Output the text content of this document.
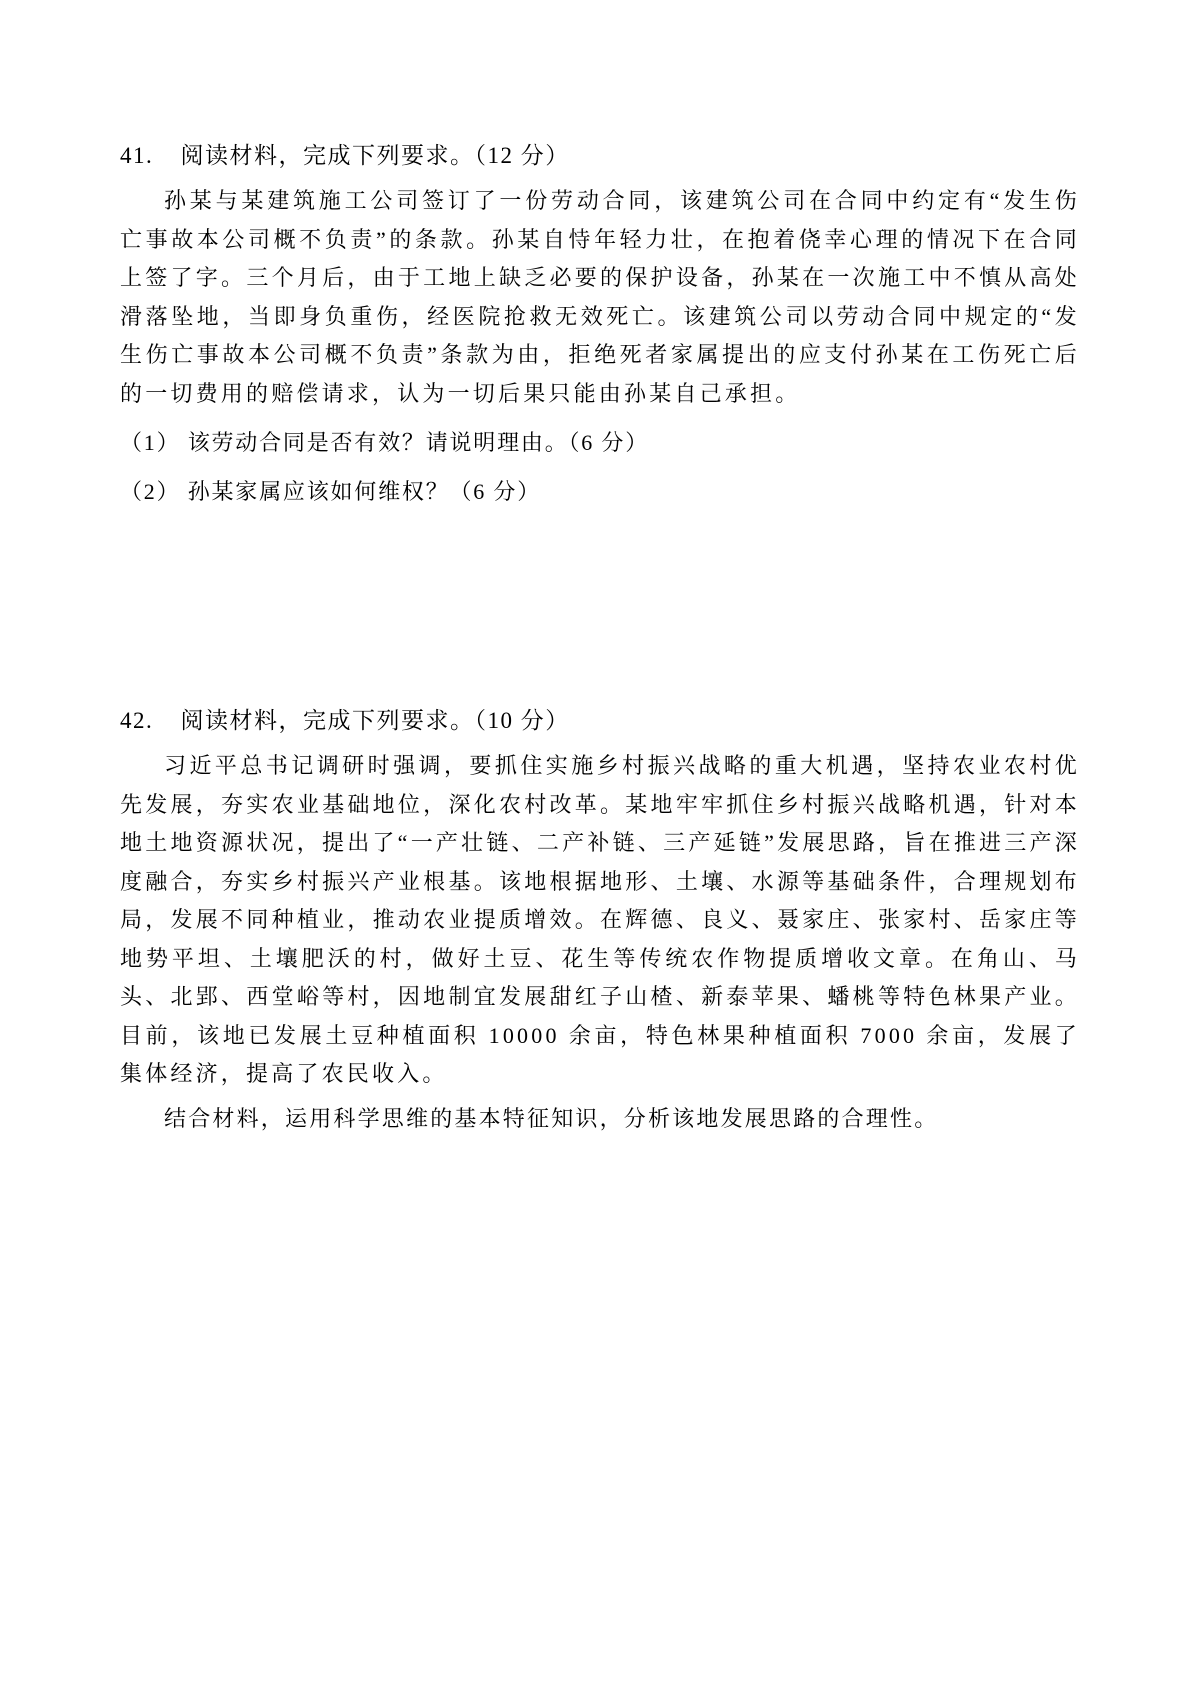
41. 阅读材料，完成下列要求。（12 分）

孙某与某建筑施工公司签订了一份劳动合同，该建筑公司在合同中约定有“发生伤亡事故本公司概不负责”的条款。孙某自恃年轻力壮，在抱着侥幸心理的情况下在合同上签了字。三个月后，由于工地上缺乏必要的保护设备，孙某在一次施工中不慎从高处滑落坠地，当即身负重伤，经医院抢救无效死亡。该建筑公司以劳动合同中规定的“发生伤亡事故本公司概不负责”条款为由，拒绝死者家属提出的应支付孙某在工伤死亡后的一切费用的赔偿请求，认为一切后果只能由孙某自己承担。

（1） 该劳动合同是否有效？请说明理由。（6 分）

（2） 孙某家属应该如何维权？（6 分）

42. 阅读材料，完成下列要求。（10 分）

习近平总书记调研时强调，要抓住实施乡村振兴战略的重大机遇，坚持农业农村优先发展，夯实农业基础地位，深化农村改革。某地牢牢抓住乡村振兴战略机遇，针对本地土地资源状况，提出了“一产壮链、二产补链、三产延链”发展思路，旨在推进三产深度融合，夯实乡村振兴产业根基。该地根据地形、土壤、水源等基础条件，合理规划布局，发展不同种植业，推动农业提质增效。在辉德、良义、聂家庄、张家村、岳家庄等地势平坦、土壤肥沃的村，做好土豆、花生等传统农作物提质增收文章。在角山、马头、北郢、西堂峪等村，因地制宜发展甜红子山楂、新泰苹果、蟠桃等特色林果产业。目前，该地已发展土豆种植面积 10000 余亩，特色林果种植面积 7000 余亩，发展了集体经济，提高了农民收入。

结合材料，运用科学思维的基本特征知识，分析该地发展思路的合理性。
